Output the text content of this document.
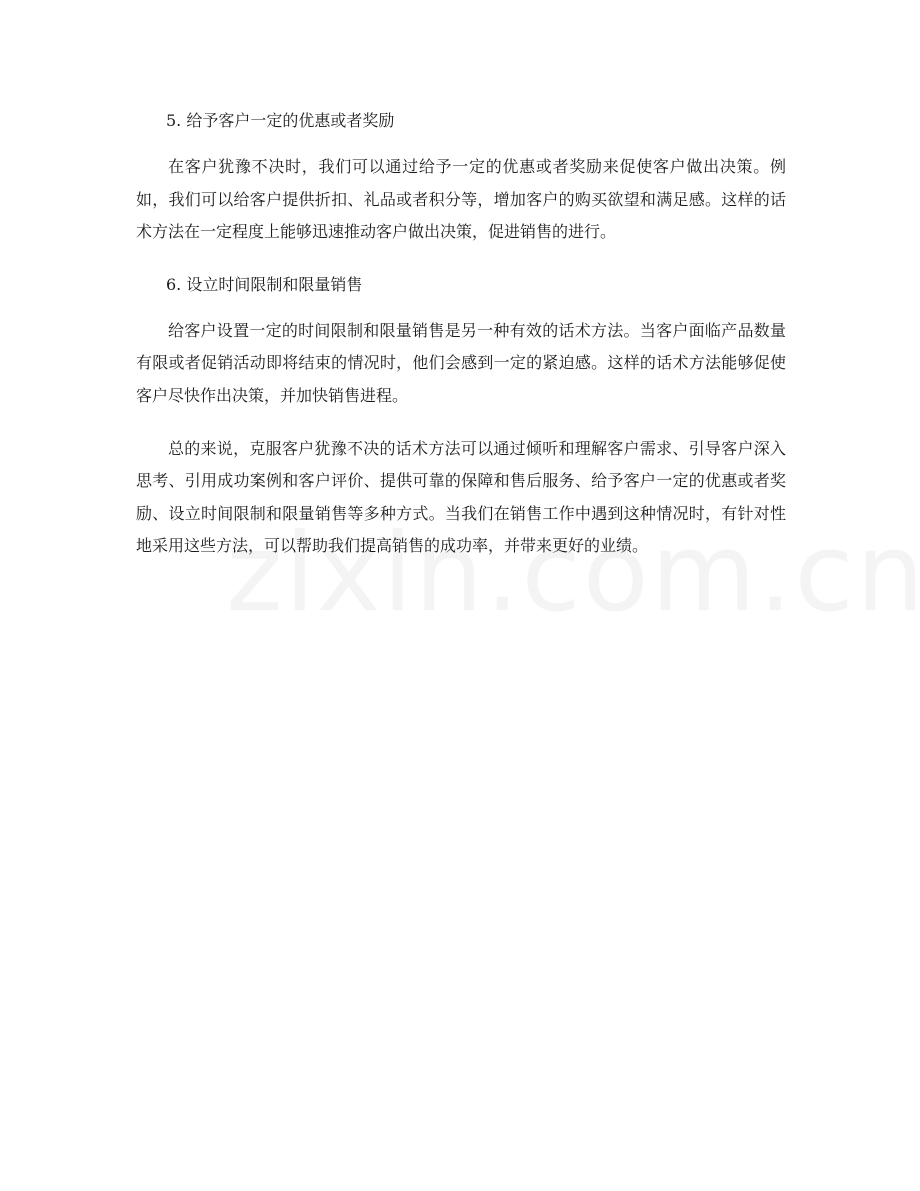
5. 给予客户一定的优惠或者奖励

在客户犹豫不决时，我们可以通过给予一定的优惠或者奖励来促使客户做出决策。例如，我们可以给客户提供折扣、礼品或者积分等，增加客户的购买欲望和满足感。这样的话术方法在一定程度上能够迅速推动客户做出决策，促进销售的进行。

6. 设立时间限制和限量销售

给客户设置一定的时间限制和限量销售是另一种有效的话术方法。当客户面临产品数量有限或者促销活动即将结束的情况时，他们会感到一定的紧迫感。这样的话术方法能够促使客户尽快作出决策，并加快销售进程。

总的来说，克服客户犹豫不决的话术方法可以通过倾听和理解客户需求、引导客户深入思考、引用成功案例和客户评价、提供可靠的保障和售后服务、给予客户一定的优惠或者奖励、设立时间限制和限量销售等多种方式。当我们在销售工作中遇到这种情况时，有针对性地采用这些方法，可以帮助我们提高销售的成功率，并带来更好的业绩。
